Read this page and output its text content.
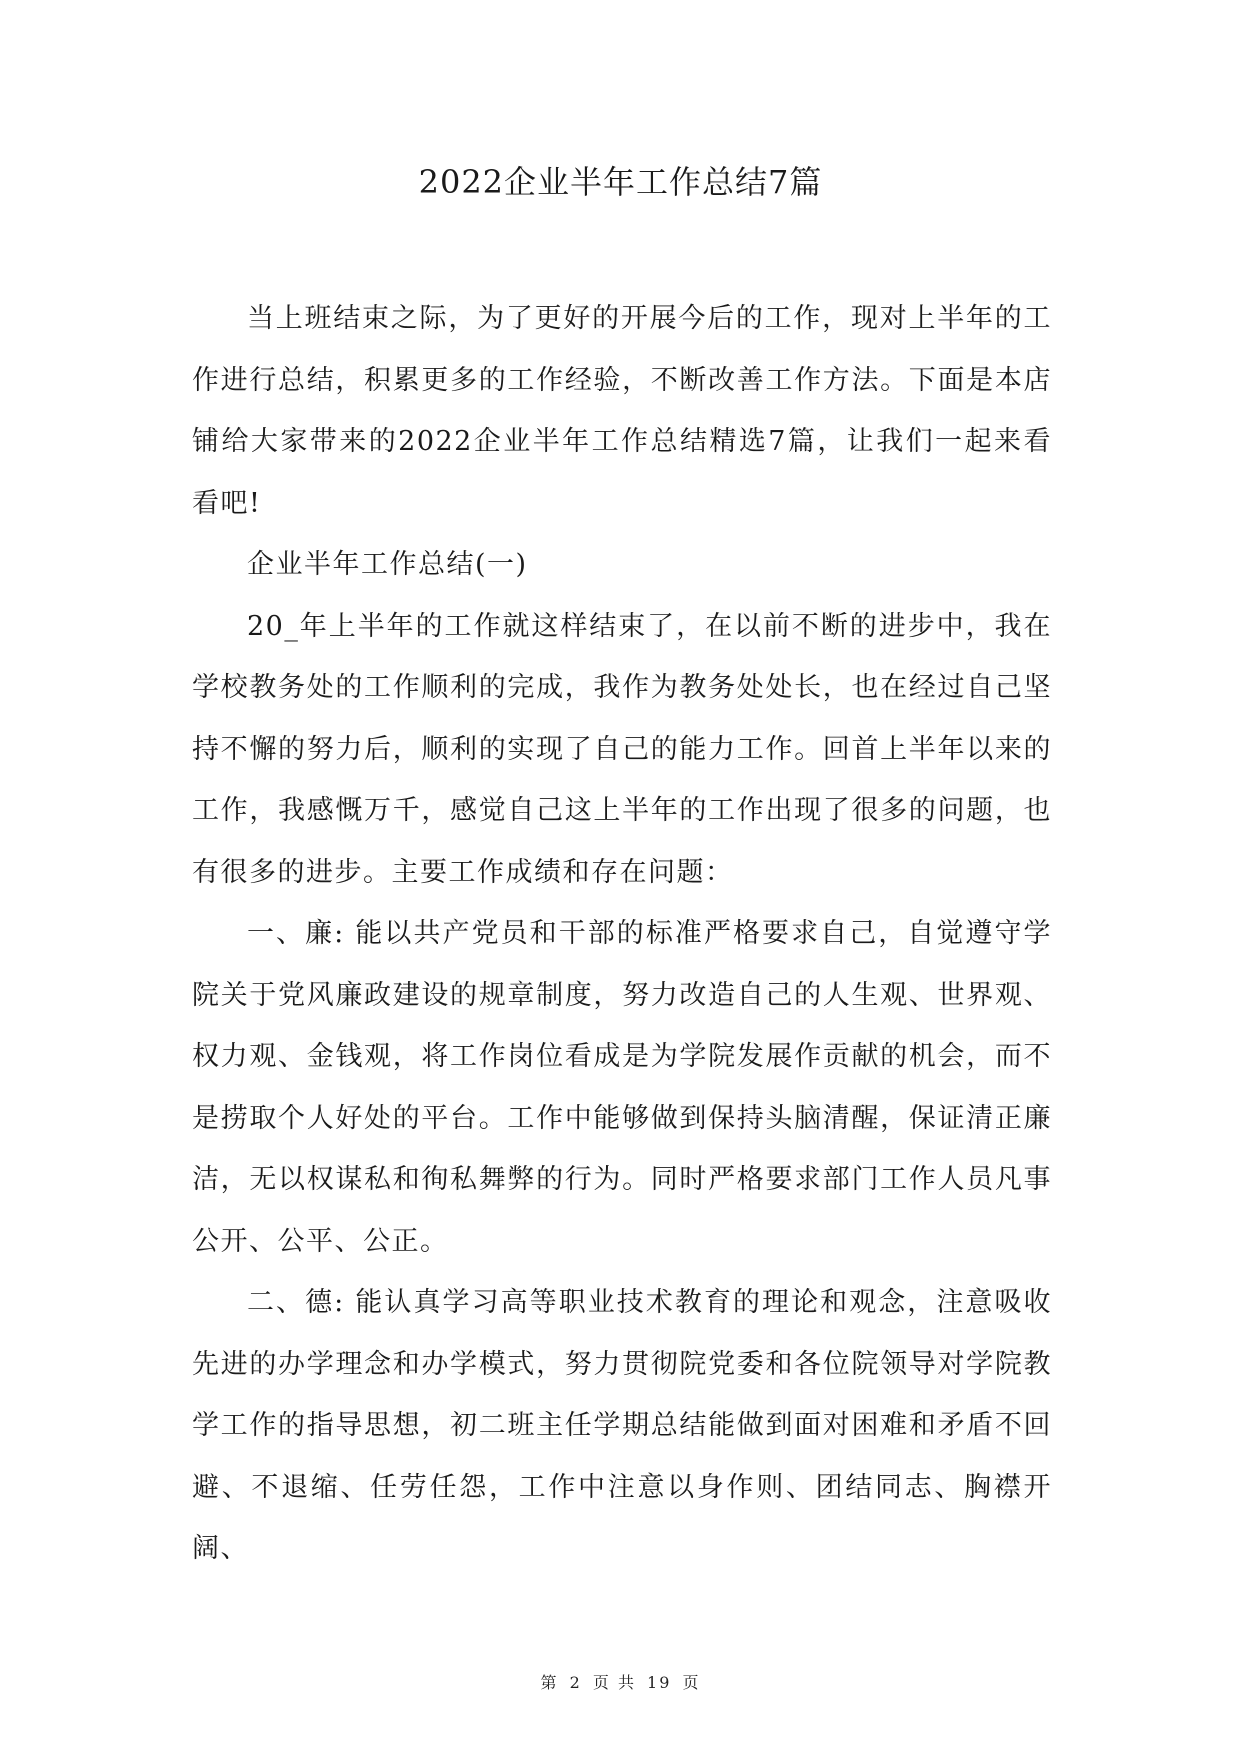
2022企业半年工作总结7篇

当上班结束之际，为了更好的开展今后的工作，现对上半年的工作进行总结，积累更多的工作经验，不断改善工作方法。下面是本店铺给大家带来的2022企业半年工作总结精选7篇，让我们一起来看看吧!

企业半年工作总结(一)

20_年上半年的工作就这样结束了，在以前不断的进步中，我在学校教务处的工作顺利的完成，我作为教务处处长，也在经过自己坚持不懈的努力后，顺利的实现了自己的能力工作。回首上半年以来的工作，我感慨万千，感觉自己这上半年的工作出现了很多的问题，也有很多的进步。主要工作成绩和存在问题：

一、廉: 能以共产党员和干部的标准严格要求自己，自觉遵守学院关于党风廉政建设的规章制度，努力改造自己的人生观、世界观、权力观、金钱观，将工作岗位看成是为学院发展作贡献的机会，而不是捞取个人好处的平台。工作中能够做到保持头脑清醒，保证清正廉洁，无以权谋私和徇私舞弊的行为。同时严格要求部门工作人员凡事公开、公平、公正。

二、德: 能认真学习高等职业技术教育的理论和观念，注意吸收先进的办学理念和办学模式，努力贯彻院党委和各位院领导对学院教学工作的指导思想，初二班主任学期总结能做到面对困难和矛盾不回避、不退缩、任劳任怨，工作中注意以身作则、团结同志、胸襟开阔、

第 2 页 共 19 页
